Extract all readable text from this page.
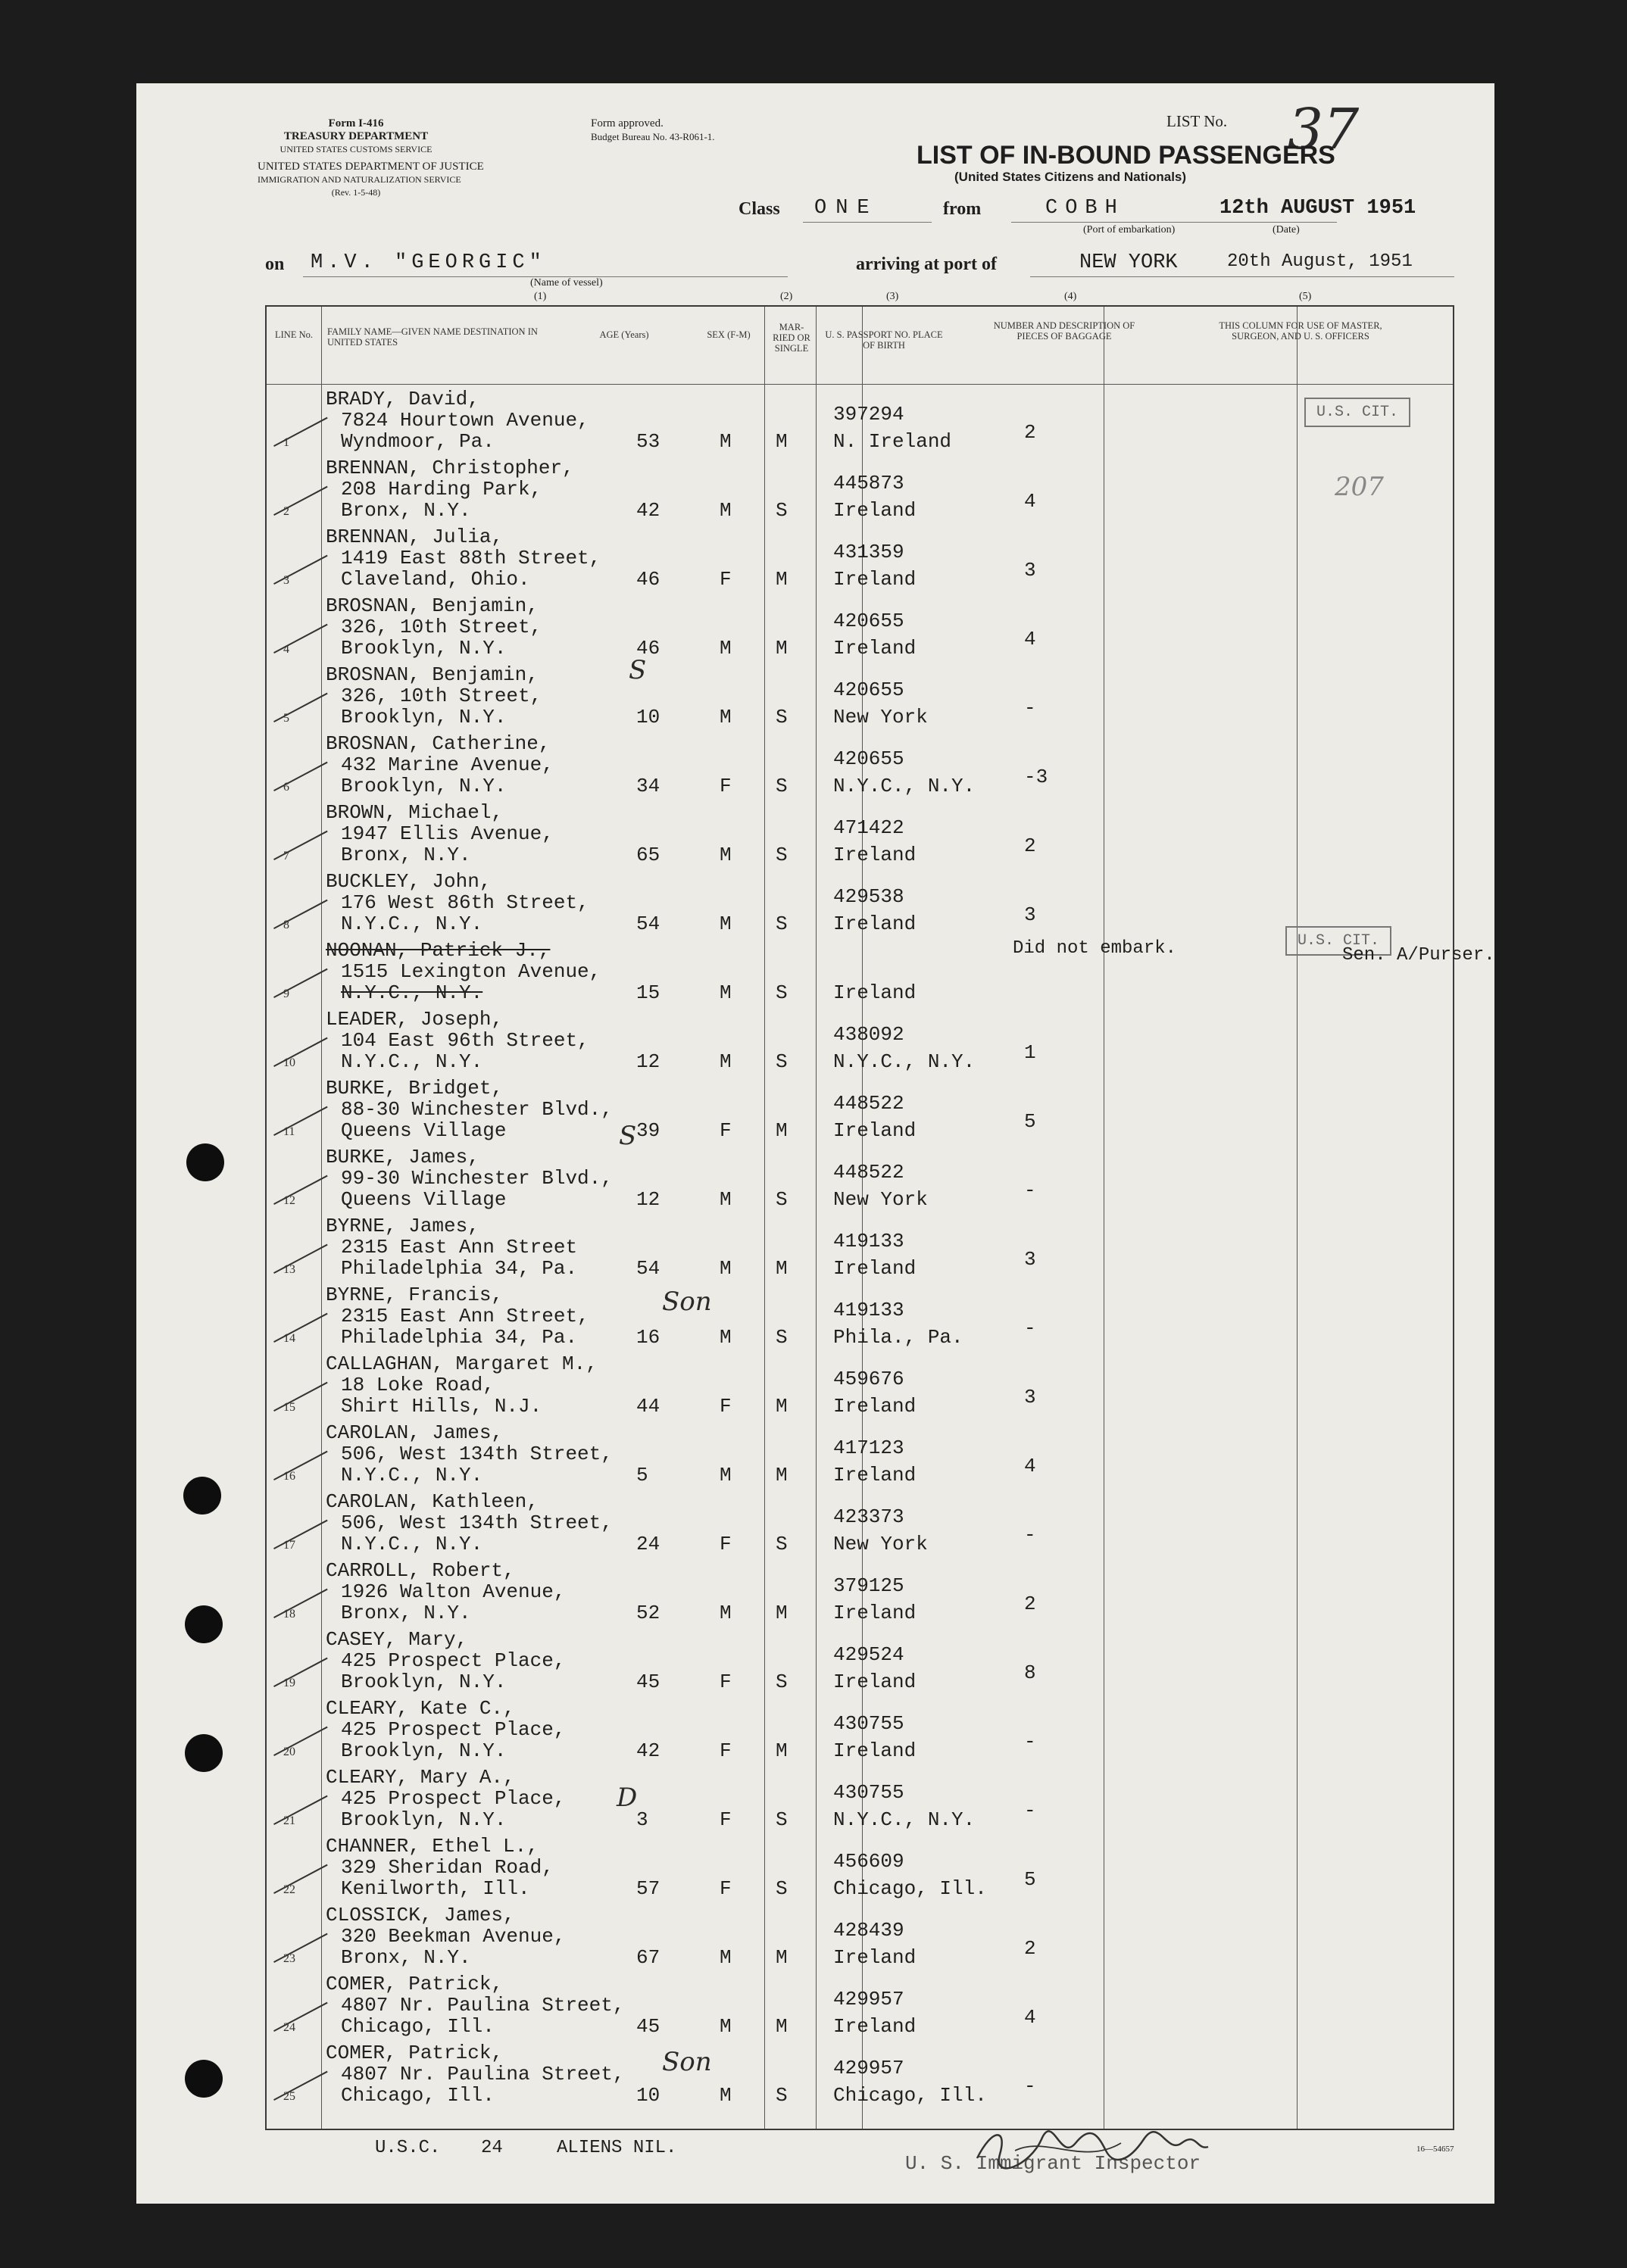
Form I-416
TREASURY DEPARTMENT
UNITED STATES CUSTOMS SERVICE
UNITED STATES DEPARTMENT OF JUSTICE
IMMIGRATION AND NATURALIZATION SERVICE
(Rev. 1-5-48)
Form approved.
Budget Bureau No. 43-R061-1.
LIST No. 37
LIST OF IN-BOUND PASSENGERS
(United States Citizens and Nationals)
Class ONE	from	COBH
(Port of embarkation)
12th AUGUST 1951
(Date)
on M.V. "GEORGIC"
(Name of vessel)
arriving at port of	NEW YORK	20th August, 1951
(1)	(2)	(3)	(4)	(5)
LINE No. FAMILY NAME—GIVEN NAME DESTINATION IN UNITED STATES
AGE (Years)	SEX (F-M)
MAR-RIED OR SINGLE
U. S. PASSPORT NO. PLACE OF BIRTH
NUMBER AND DESCRIPTION OF PIECES OF BAGGAGE
THIS COLUMN FOR USE OF MASTER, SURGEON, AND U. S. OFFICERS
1
BRADY, David,
7824 Hourtown Avenue,
Wyndmoor, Pa.	53	M M
397294
N. Ireland	2
2
BRENNAN, Christopher,
208 Harding Park,
Bronx, N.Y.	42	M S
445873
Ireland	4
3
BRENNAN, Julia,
1419 East 88th Street,
Claveland, Ohio.	46	F M
431359
Ireland	3
4
BROSNAN, Benjamin,
326, 10th Street,
Brooklyn, N.Y.	46	M M
420655
Ireland	4
5
BROSNAN, Benjamin,
326, 10th Street,
Brooklyn, N.Y.	10	M S
420655
New York	-
6
BROSNAN, Catherine,
432 Marine Avenue,
Brooklyn, N.Y.	34	F S
420655
N.Y.C., N.Y. -3
7
BROWN, Michael,
1947 Ellis Avenue,
Bronx, N.Y.	65	M S
471422
Ireland	2
8
BUCKLEY, John,
176 West 86th Street,
N.Y.C., N.Y.	54	M S
429538
Ireland	3
9
NOONAN, Patrick J.,
1515 Lexington Avenue,
N.Y.C., N.Y.	15	M S Ireland
Did not embark.
10
LEADER, Joseph,
104 East 96th Street,
N.Y.C., N.Y.	12	M S
438092
N.Y.C., N.Y. 1
11
BURKE, Bridget,
88-30 Winchester Blvd.,
Queens Village	39	F M
448522
Ireland	5
12
BURKE, James,
99-30 Winchester Blvd.,
Queens Village	12	M S
448522
New York	-
13
BYRNE, James,
2315 East Ann Street
Philadelphia 34, Pa.	54	M M
419133
Ireland	3
14
BYRNE, Francis,
2315 East Ann Street,
Philadelphia 34, Pa.	16	M S
419133
Phila., Pa.	-
15
CALLAGHAN, Margaret M.,
18 Loke Road,
Shirt Hills, N.J.	44	F M
459676
Ireland	3
16
CAROLAN, James,
506, West 134th Street,
N.Y.C., N.Y.	5	M M
417123
Ireland	4
17
CAROLAN, Kathleen,
506, West 134th Street,
N.Y.C., N.Y.	24	F S
423373
New York	-
18
CARROLL, Robert,
1926 Walton Avenue,
Bronx, N.Y.	52	M M
379125
Ireland	2
19
CASEY, Mary,
425 Prospect Place,
Brooklyn, N.Y.	45	F S
429524
Ireland	8
20
CLEARY, Kate C.,
425 Prospect Place,
Brooklyn, N.Y.	42	F M
430755
Ireland	-
21
CLEARY, Mary A.,
425 Prospect Place,
Brooklyn, N.Y.	3	F S
430755
N.Y.C., N.Y. -
22
CHANNER, Ethel L.,
329 Sheridan Road,
Kenilworth, Ill.	57	F S
456609
Chicago, Ill. 5
23
CLOSSICK, James,
320 Beekman Avenue,
Bronx, N.Y.	67	M M
428439
Ireland	2
24
COMER, Patrick,
4807 Nr. Paulina Street,
Chicago, Ill.	45	M M
429957
Ireland	4
25
COMER, Patrick,
4807 Nr. Paulina Street,
Chicago, Ill.	10	M S
429957
Chicago, Ill. -
U.S. CIT.
207
U.S. CIT.
Sen. A/Purser.
S
S
Son
D
Son
U.S.C. 24	ALIENS NIL.
U. S. Immigrant Inspector
16—54657
